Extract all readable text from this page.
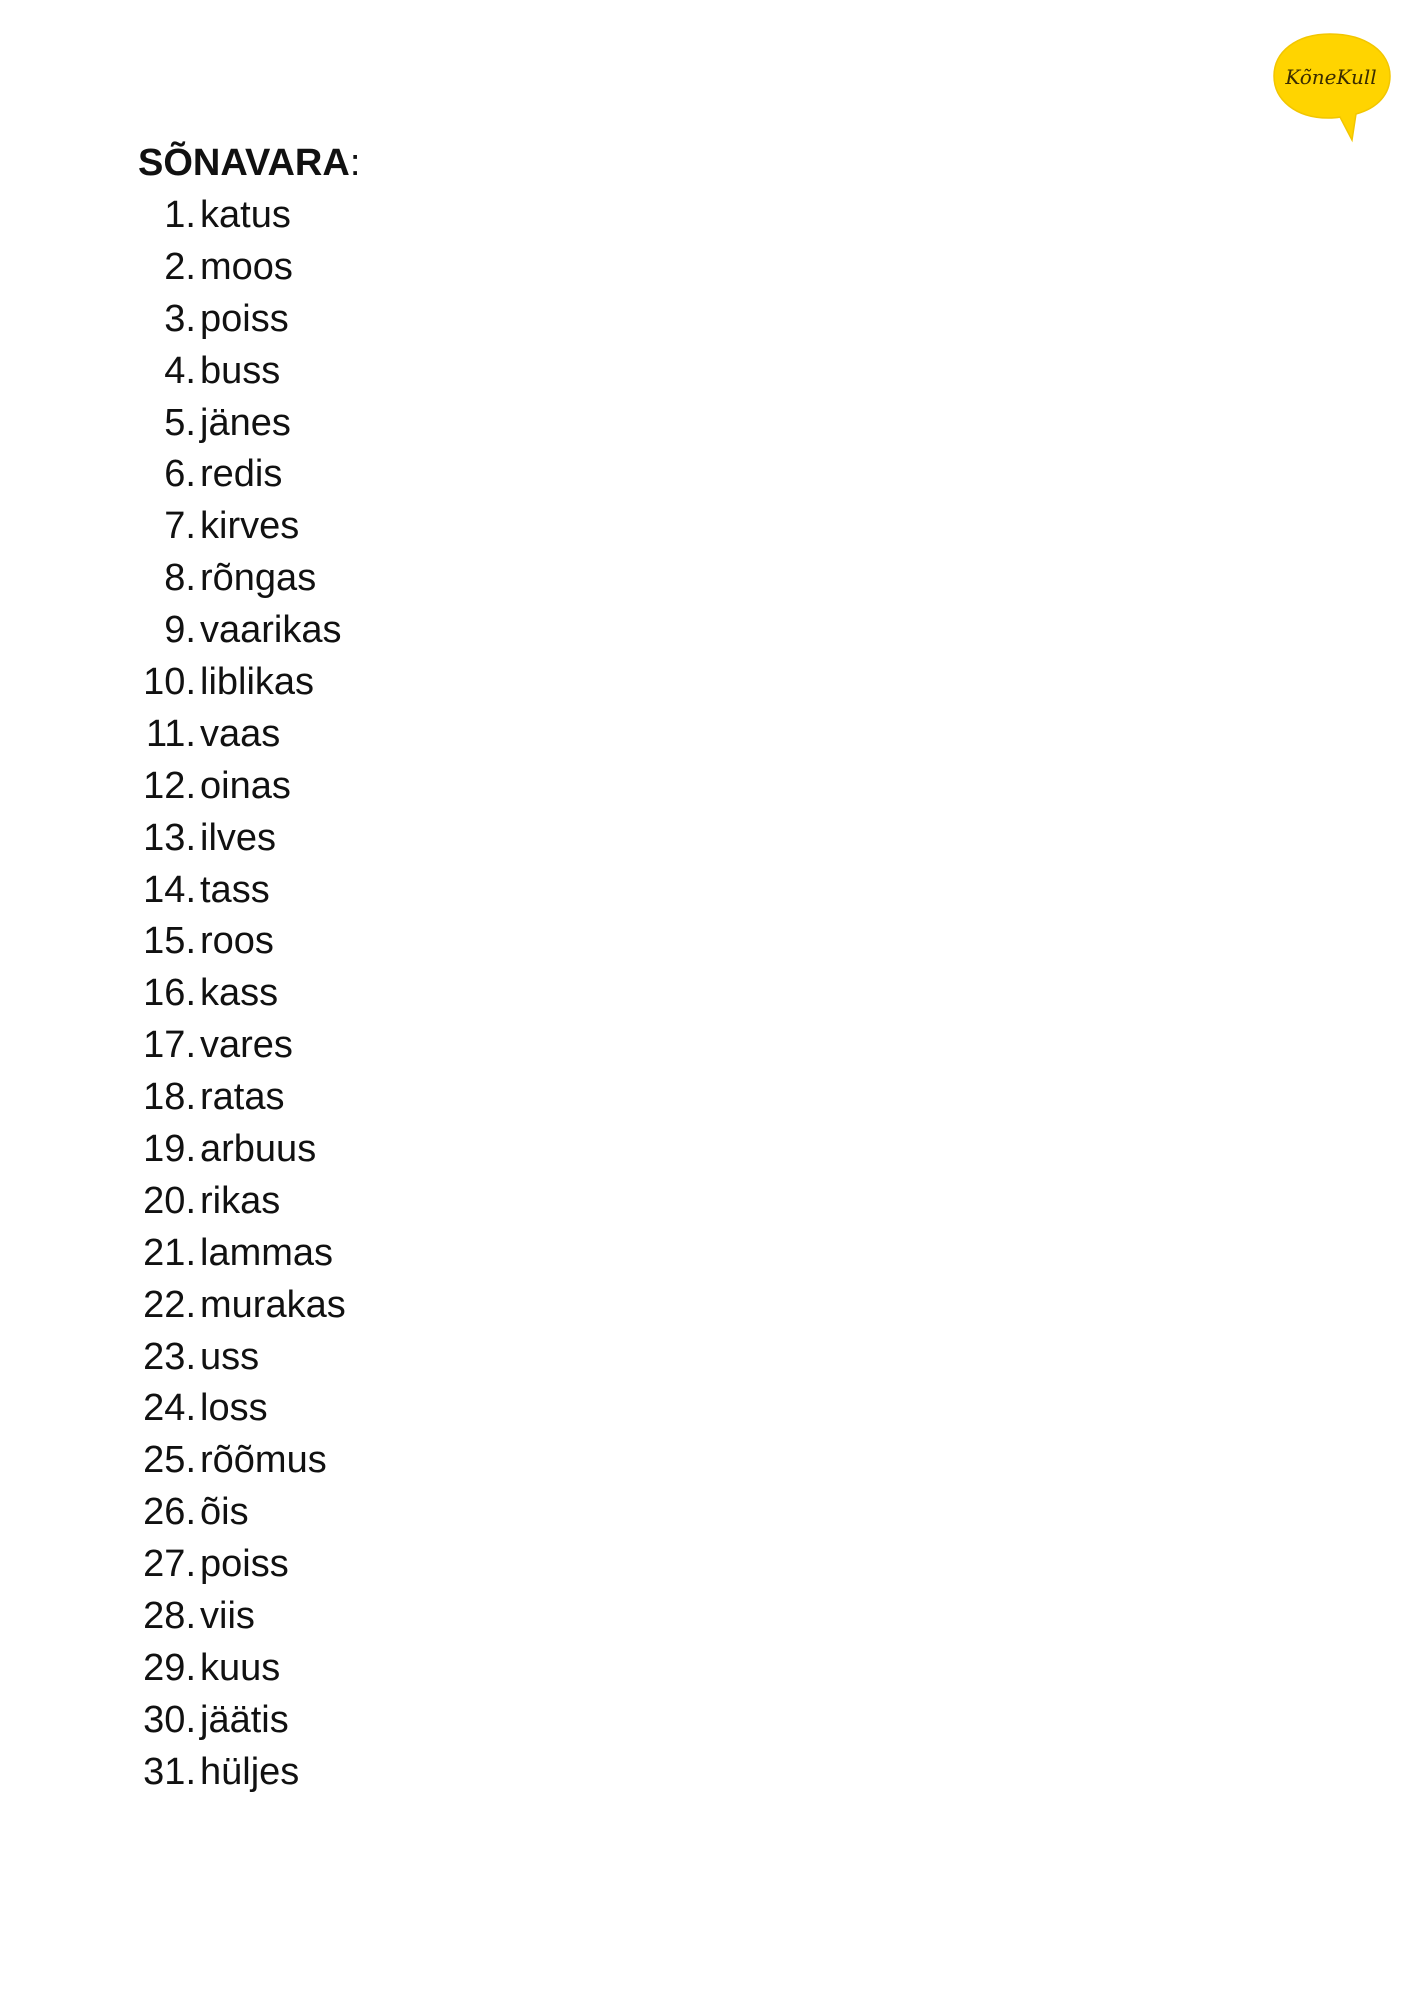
KõneKull
SÕNAVARA:
1. katus
2. moos
3. poiss
4. buss
5. jänes
6. redis
7. kirves
8. rõngas
9. vaarikas
10. liblikas
11. vaas
12. oinas
13. ilves
14. tass
15. roos
16. kass
17. vares
18. ratas
19. arbuus
20. rikas
21. lammas
22. murakas
23. uss
24. loss
25. rõõmus
26. õis
27. poiss
28. viis
29. kuus
30. jäätis
31. hüljes
